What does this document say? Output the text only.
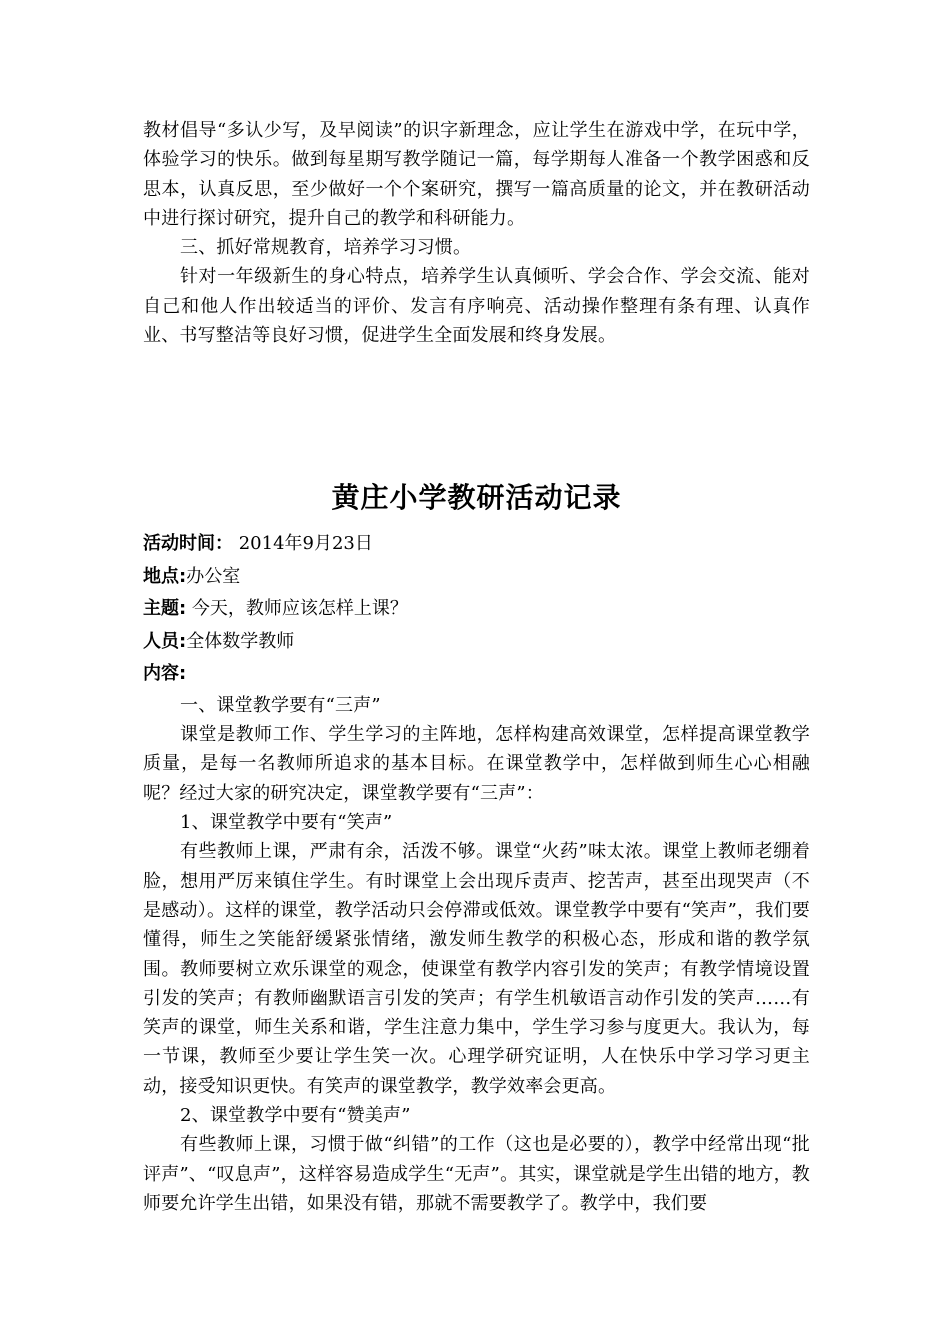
教材倡导“多认少写，及早阅读”的识字新理念，应让学生在游戏中学，在玩中学，体验学习的快乐。做到每星期写教学随记一篇，每学期每人准备一个教学困惑和反思本，认真反思，至少做好一个个案研究，撰写一篇高质量的论文，并在教研活动中进行探讨研究，提升自己的教学和科研能力。

三、抓好常规教育，培养学习习惯。

针对一年级新生的身心特点，培养学生认真倾听、学会合作、学会交流、能对自己和他人作出较适当的评价、发言有序响亮、活动操作整理有条有理、认真作业、书写整洁等良好习惯，促进学生全面发展和终身发展。

黄庄小学教研活动记录
活动时间： 2014年9月23日
地点:办公室
主题: 今天，教师应该怎样上课？
人员:全体数学教师
内容:

一、课堂教学要有“三声”

课堂是教师工作、学生学习的主阵地，怎样构建高效课堂，怎样提高课堂教学质量，是每一名教师所追求的基本目标。在课堂教学中，怎样做到师生心心相融呢？经过大家的研究决定，课堂教学要有“三声”：

1、课堂教学中要有“笑声”

有些教师上课，严肃有余，活泼不够。课堂“火药”味太浓。课堂上教师老绷着脸，想用严厉来镇住学生。有时课堂上会出现斥责声、挖苦声，甚至出现哭声（不是感动）。这样的课堂，教学活动只会停滞或低效。课堂教学中要有“笑声”，我们要懂得，师生之笑能舒缓紧张情绪，激发师生教学的积极心态，形成和谐的教学氛围。教师要树立欢乐课堂的观念，使课堂有教学内容引发的笑声；有教学情境设置引发的笑声；有教师幽默语言引发的笑声；有学生机敏语言动作引发的笑声……有笑声的课堂，师生关系和谐，学生注意力集中，学生学习参与度更大。我认为，每一节课，教师至少要让学生笑一次。心理学研究证明，人在快乐中学习学习更主动，接受知识更快。有笑声的课堂教学，教学效率会更高。

2、课堂教学中要有“赞美声”

有些教师上课，习惯于做“纠错”的工作（这也是必要的），教学中经常出现“批评声”、“叹息声”，这样容易造成学生“无声”。其实，课堂就是学生出错的地方，教师要允许学生出错，如果没有错，那就不需要教学了。教学中，我们要
